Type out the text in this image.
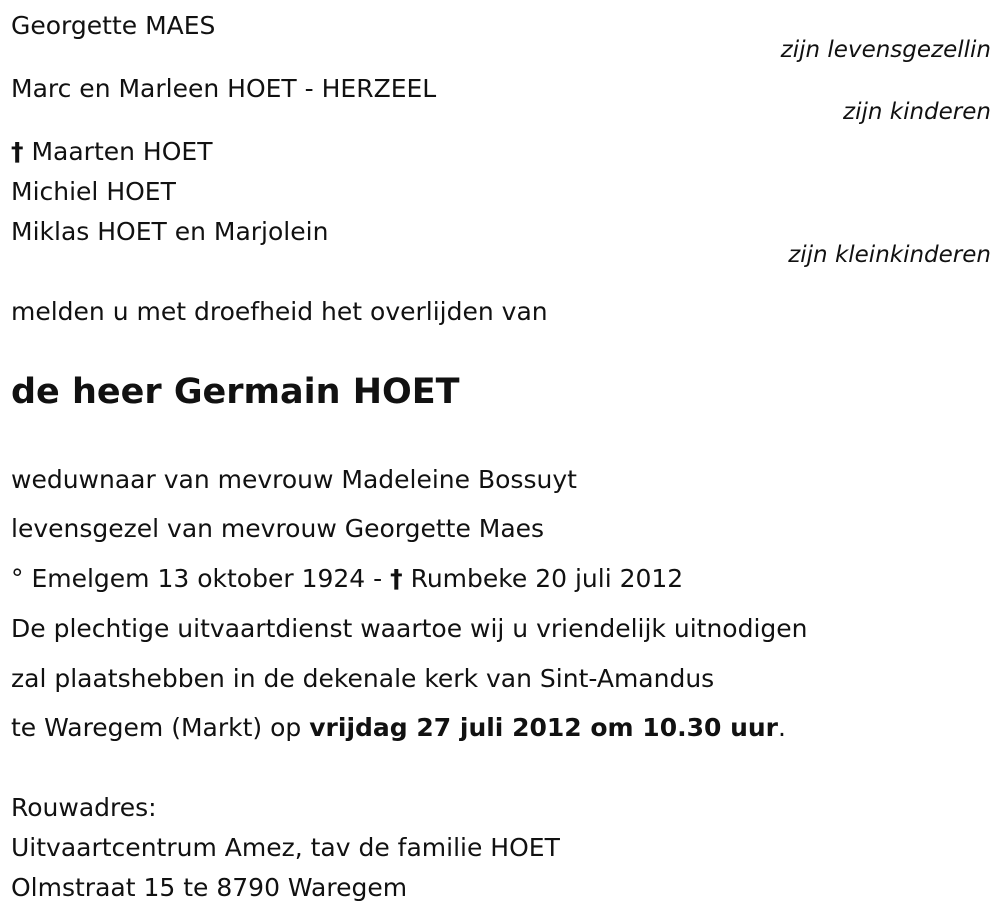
Georgette MAES
zijn levensgezellin
Marc en Marleen HOET - HERZEEL
zijn kinderen
† Maarten HOET
Michiel HOET
Miklas HOET en Marjolein
zijn kleinkinderen
melden u met droefheid het overlijden van
de heer Germain HOET
weduwnaar van mevrouw Madeleine Bossuyt
levensgezel van mevrouw Georgette Maes
° Emelgem 13 oktober 1924 - † Rumbeke 20 juli 2012
De plechtige uitvaartdienst waartoe wij u vriendelijk uitnodigen
zal plaatshebben in de dekenale kerk van Sint-Amandus
te Waregem (Markt) op vrijdag 27 juli 2012 om 10.30 uur.
Rouwadres:
Uitvaartcentrum Amez, tav de familie HOET
Olmstraat 15 te 8790 Waregem
